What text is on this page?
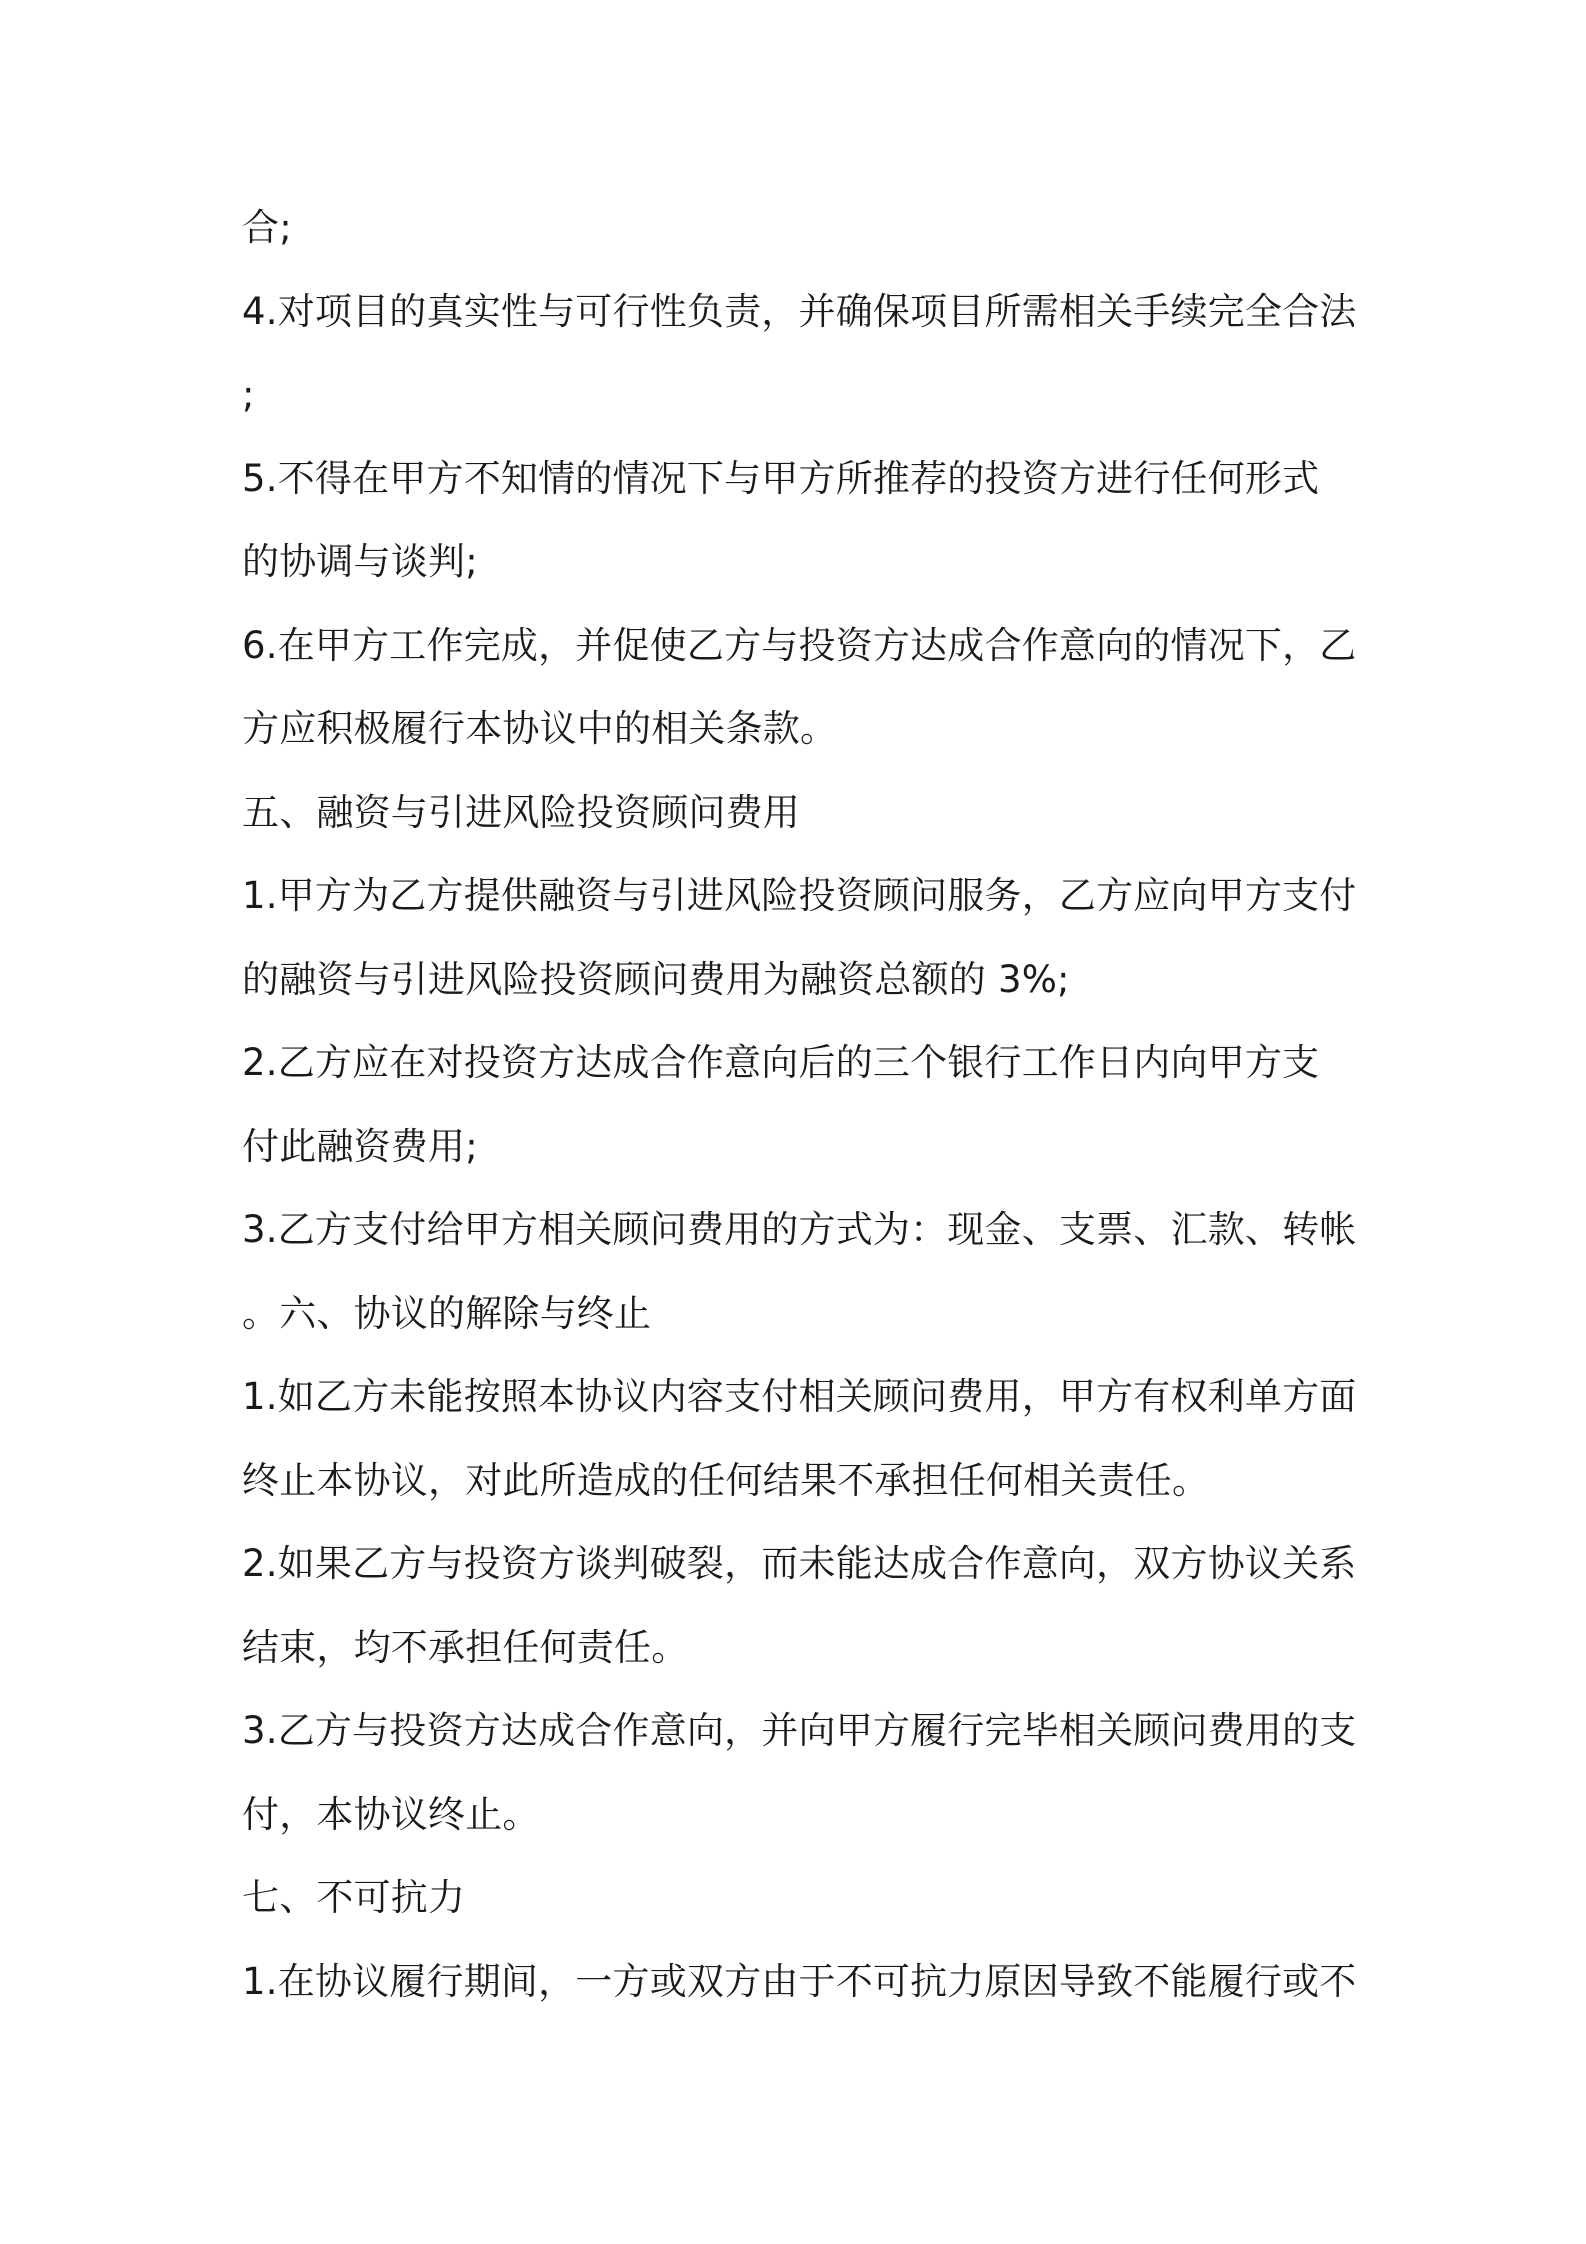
合;
4.对项目的真实性与可行性负责，并确保项目所需相关手续完全合法
;
5.不得在甲方不知情的情况下与甲方所推荐的投资方进行任何形式
的协调与谈判;
6.在甲方工作完成，并促使乙方与投资方达成合作意向的情况下，乙
方应积极履行本协议中的相关条款。
五、融资与引进风险投资顾问费用
1.甲方为乙方提供融资与引进风险投资顾问服务，乙方应向甲方支付
的融资与引进风险投资顾问费用为融资总额的 3%;
2.乙方应在对投资方达成合作意向后的三个银行工作日内向甲方支
付此融资费用;
3.乙方支付给甲方相关顾问费用的方式为：现金、支票、汇款、转帐
。六、协议的解除与终止
1.如乙方未能按照本协议内容支付相关顾问费用，甲方有权利单方面
终止本协议，对此所造成的任何结果不承担任何相关责任。
2.如果乙方与投资方谈判破裂，而未能达成合作意向，双方协议关系
结束，均不承担任何责任。
3.乙方与投资方达成合作意向，并向甲方履行完毕相关顾问费用的支
付，本协议终止。
七、不可抗力
1.在协议履行期间，一方或双方由于不可抗力原因导致不能履行或不
